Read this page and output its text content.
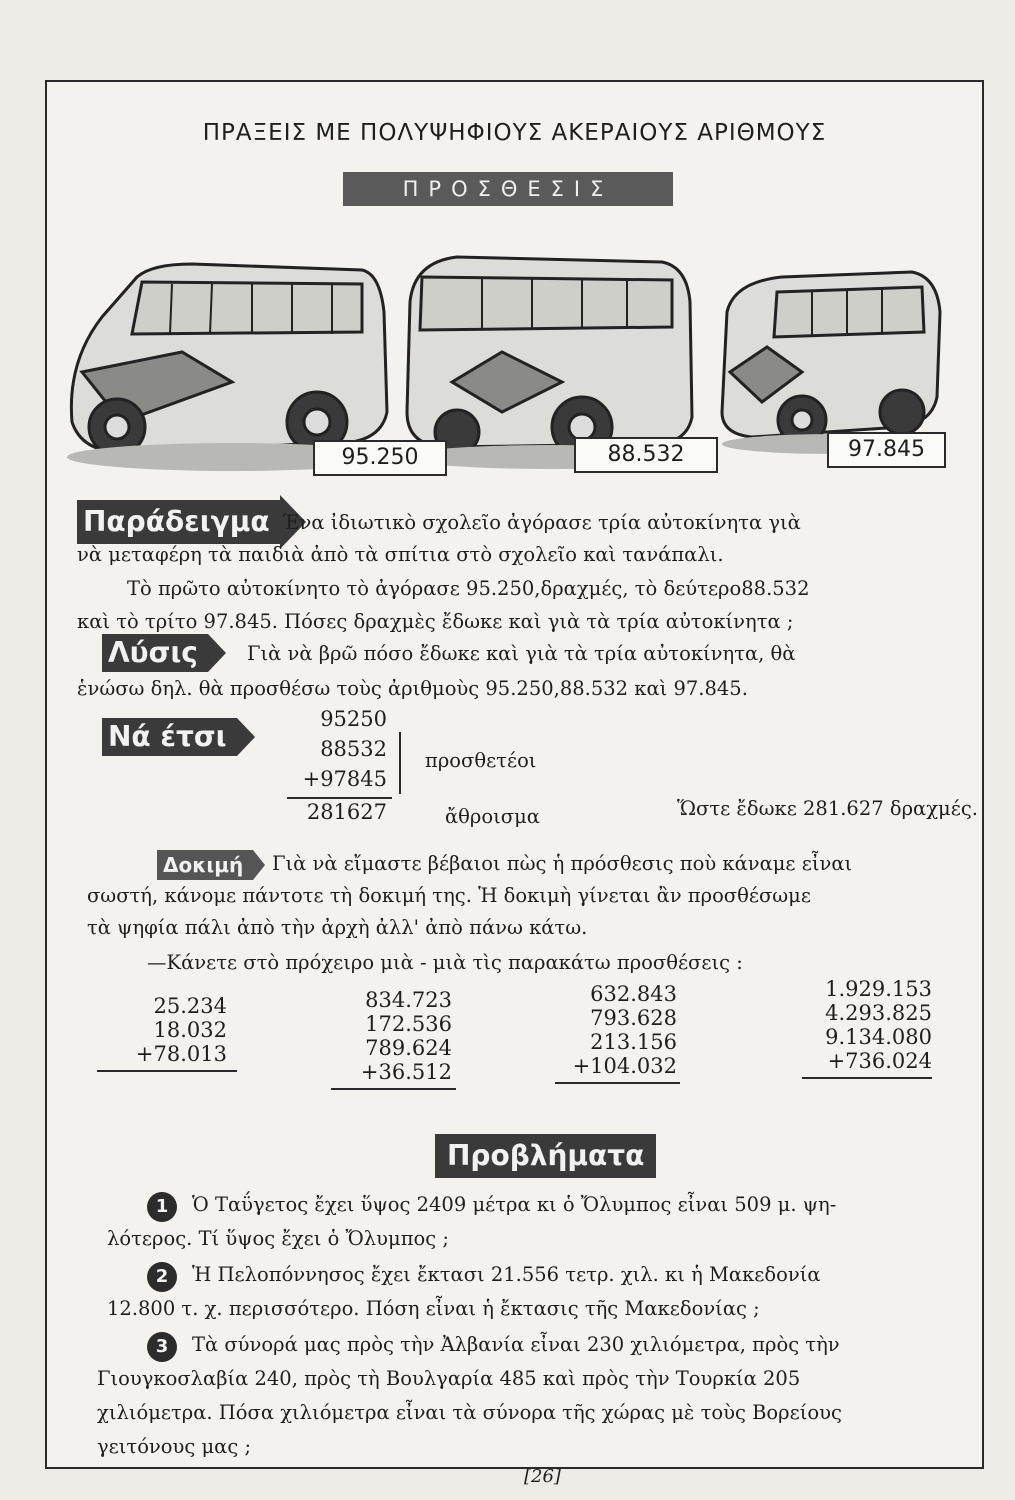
ΠΡΑΞΕΙΣ ΜΕ ΠΟΛΥΨΗΦΙΟΥΣ ΑΚΕΡΑΙΟΥΣ ΑΡΙΘΜΟΥΣ
ΠΡΟΣΘΕΣΙΣ
95.250	88.532	97.845
Παράδειγμα Ένα ἰδιωτικὸ σχολεῖο ἀγόρασε τρία αὐτοκίνητα γιὰ
νὰ μεταφέρη τὰ παιδιὰ ἀπὸ τὰ σπίτια στὸ σχολεῖο καὶ τανάπαλι.
Τὸ πρῶτο αὐτοκίνητο τὸ ἀγόρασε 95.250,δραχμές, τὸ δεύτερο88.532
καὶ τὸ τρίτο 97.845. Πόσες δραχμὲς ἔδωκε καὶ γιὰ τὰ τρία αὐτοκίνητα ;
Λύσις	Γιὰ νὰ βρῶ πόσο ἔδωκε καὶ γιὰ τὰ τρία αὐτοκίνητα, θὰ
ἑνώσω δηλ. θὰ προσθέσω τοὺς ἀριθμοὺς 95.250,88.532 καὶ 97.845.
Νά έτσι
95250
88532
+97845
281627
προσθετέοι
ἄθροισμα	Ὥστε ἔδωκε 281.627 δραχμές.
Δοκιμή	Γιὰ νὰ εἴμαστε βέβαιοι πὼς ἡ πρόσθεσις ποὺ κάναμε εἶναι
σωστή, κάνομε πάντοτε τὴ δοκιμή της. Ἡ δοκιμὴ γίνεται ἂν προσθέσωμε
τὰ ψηφία πάλι ἀπὸ τὴν ἀρχὴ ἀλλ' ἀπὸ πάνω κάτω.
—Κάνετε στὸ πρόχειρο μιὰ - μιὰ τὶς παρακάτω προσθέσεις :
25.234
18.032
+78.013
834.723
172.536
789.624
+36.512
632.843
793.628
213.156
+104.032
1.929.153
4.293.825
9.134.080
+736.024
Προβλήματα
1	Ὁ Ταΰγετος ἔχει ὕψος 2409 μέτρα κι ὁ Ὄλυμπος εἶναι 509 μ. ψη-
λότερος. Τί ὕψος ἔχει ὁ Ὄλυμπος ;
2	Ἡ Πελοπόννησος ἔχει ἔκτασι 21.556 τετρ. χιλ. κι ἡ Μακεδονία
12.800 τ. χ. περισσότερο. Πόση εἶναι ἡ ἔκτασις τῆς Μακεδονίας ;
3	Τὰ σύνορά μας πρὸς τὴν Ἀλβανία εἶναι 230 χιλιόμετρα, πρὸς τὴν
Γιουγκοσλαβία 240, πρὸς τὴ Βουλγαρία 485 καὶ πρὸς τὴν Τουρκία 205
χιλιόμετρα. Πόσα χιλιόμετρα εἶναι τὰ σύνορα τῆς χώρας μὲ τοὺς Βορείους
γειτόνους μας ;
[26]
